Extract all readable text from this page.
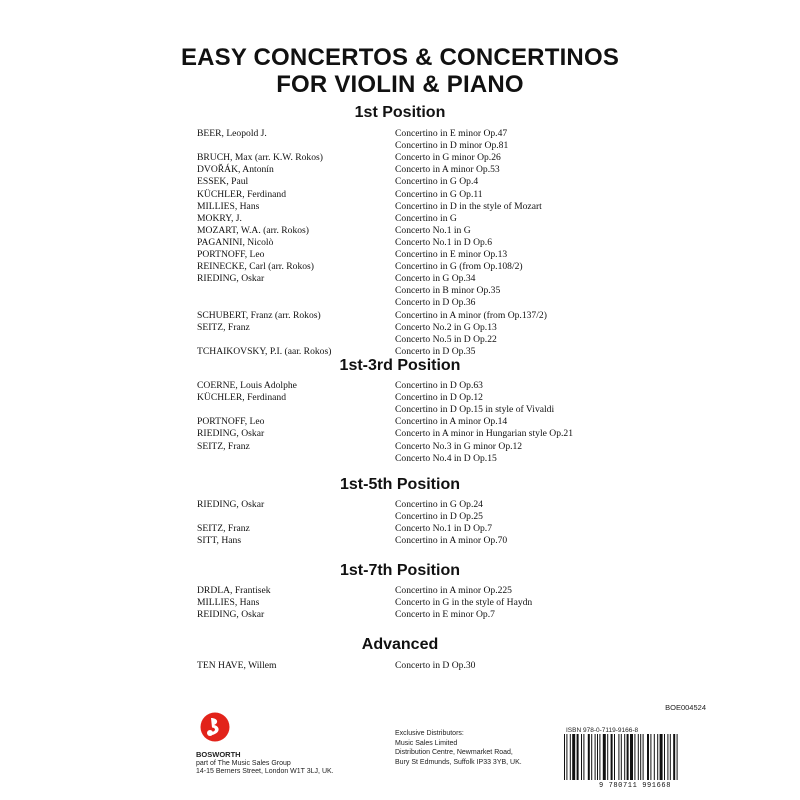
EASY CONCERTOS & CONCERTINOS
FOR VIOLIN & PIANO
1st Position
BEER, Leopold J.	Concertino in E minor Op.47
Concertino in D minor Op.81
BRUCH, Max (arr. K.W. Rokos)	Concerto in G minor Op.26
DVOŘÁK, Antonín	Concerto in A minor Op.53
ESSEK, Paul	Concertino in G Op.4
KÜCHLER, Ferdinand	Concertino in G Op.11
MILLIES, Hans	Concertino in D in the style of Mozart
MOKRY, J.	Concertino in G
MOZART, W.A. (arr. Rokos)	Concerto No.1 in G
PAGANINI, Nicolò	Concerto No.1 in D Op.6
PORTNOFF, Leo	Concertino in E minor Op.13
REINECKE, Carl (arr. Rokos)	Concertino in G (from Op.108/2)
RIEDING, Oskar	Concerto in G Op.34
Concerto in B minor Op.35
Concerto in D Op.36
SCHUBERT, Franz (arr. Rokos)	Concertino in A minor (from Op.137/2)
SEITZ, Franz	Concerto No.2 in G Op.13
Concerto No.5 in D Op.22
TCHAIKOVSKY, P.I. (aar. Rokos)	Concerto in D Op.35
1st-3rd Position
COERNE, Louis Adolphe	Concertino in D Op.63
KÜCHLER, Ferdinand	Concertino in D Op.12
Concertino in D Op.15 in style of Vivaldi
PORTNOFF, Leo	Concertino in A minor Op.14
RIEDING, Oskar	Concerto in A minor in Hungarian style Op.21
SEITZ, Franz	Concerto No.3 in G minor Op.12
Concerto No.4 in D Op.15
1st-5th Position
RIEDING, Oskar	Concertino in G Op.24
Concertino in D Op.25
SEITZ, Franz	Concerto No.1 in D Op.7
SITT, Hans	Concertino in A minor Op.70
1st-7th Position
DRDLA, Frantisek	Concertino in A minor Op.225
MILLIES, Hans	Concerto in G in the style of Haydn
REIDING, Oskar	Concerto in E minor Op.7
Advanced
TEN HAVE, Willem	Concerto in D Op.30
BOE004524
BOSWORTH
part of The Music Sales Group
14-15 Berners Street, London W1T 3LJ, UK.
Exclusive Distributors:
Music Sales Limited
Distribution Centre, Newmarket Road,
Bury St Edmunds, Suffolk IP33 3YB, UK.
ISBN 978-0-7119-9166-8
9 780711 991668
